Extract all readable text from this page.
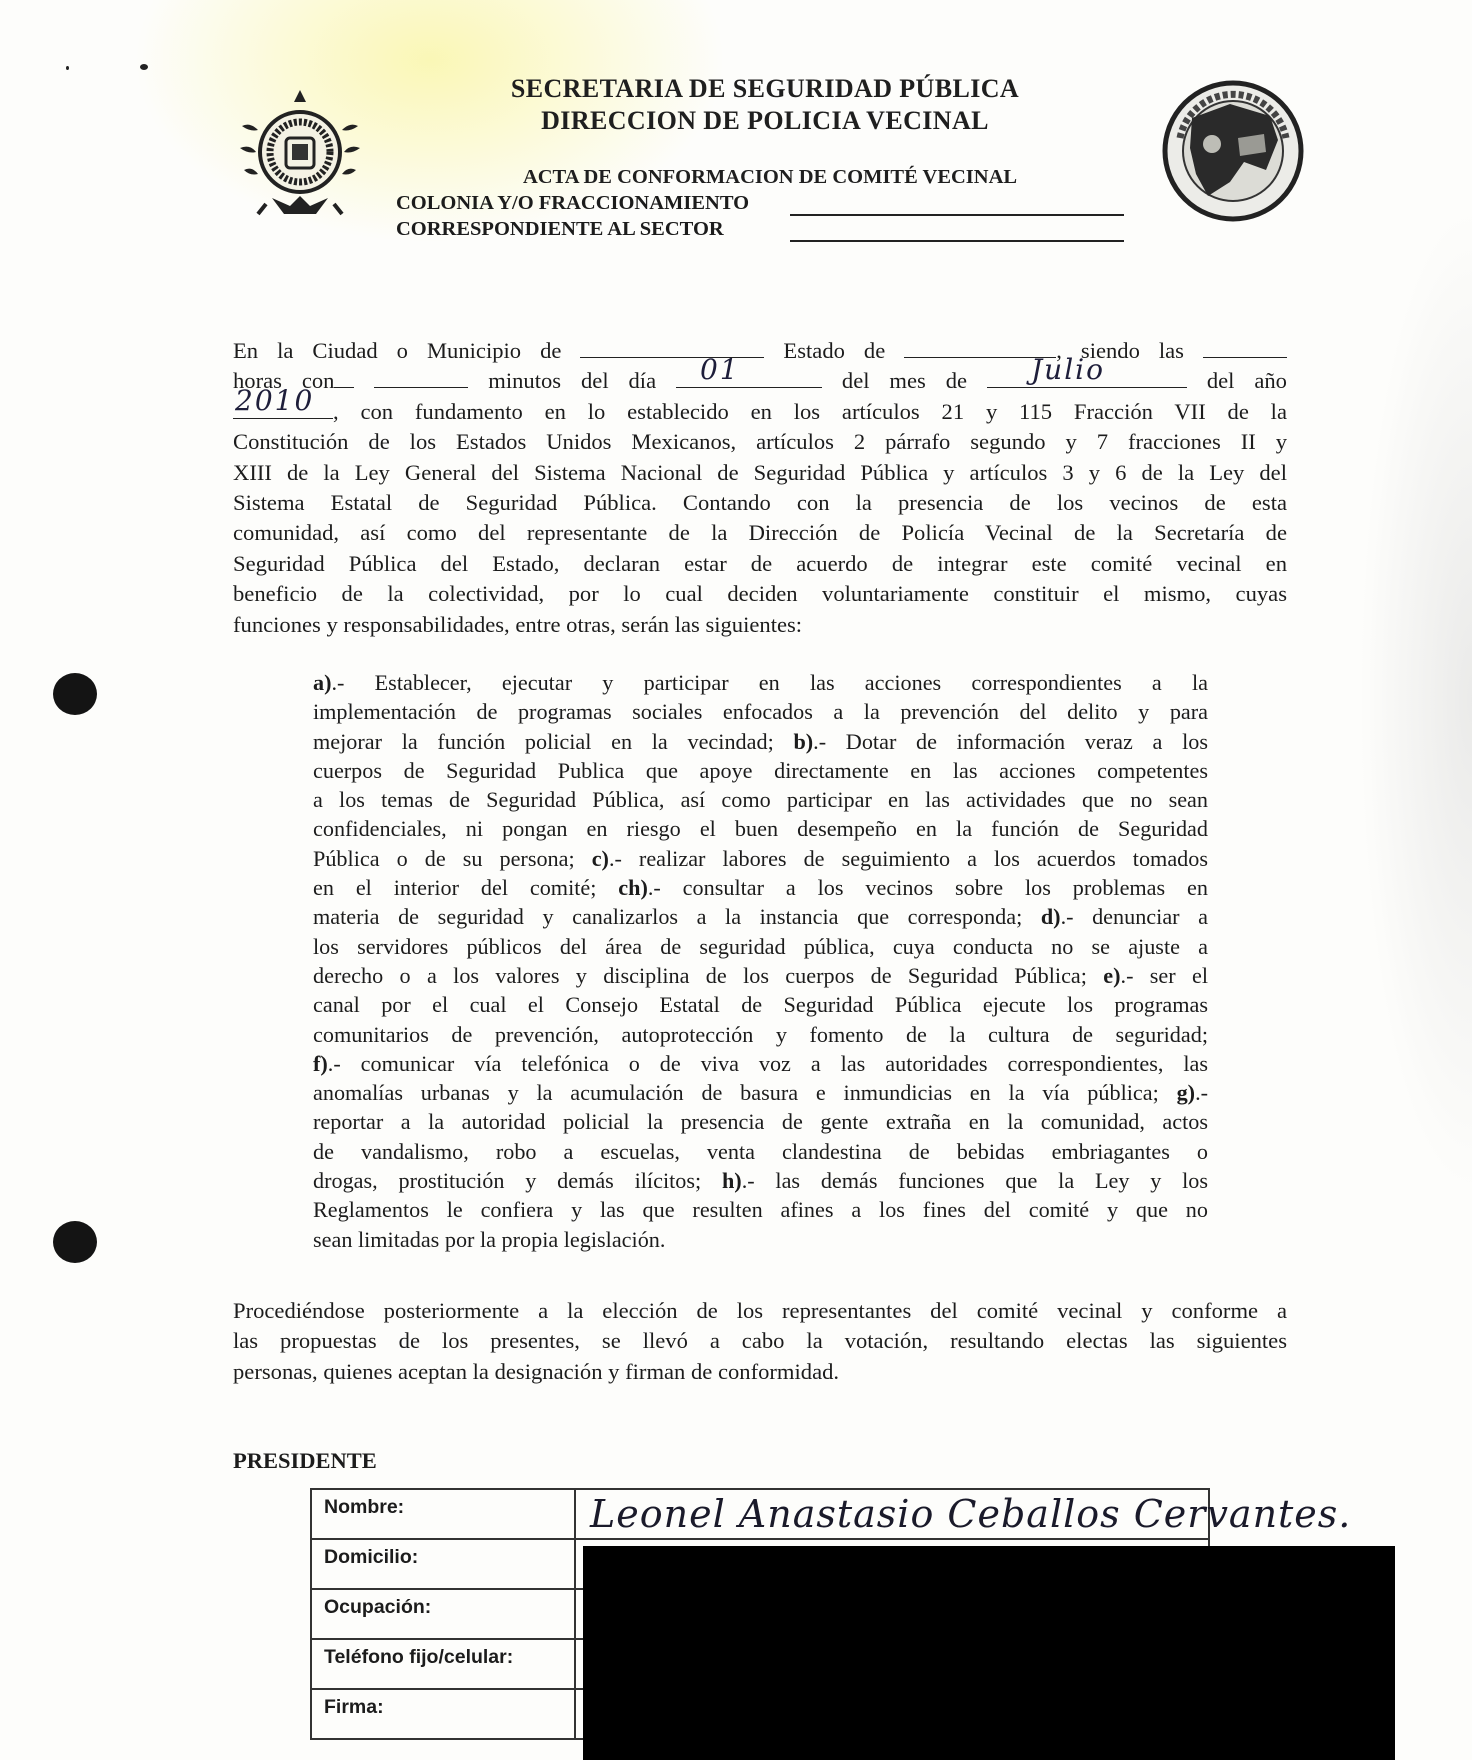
SECRETARIA DE SEGURIDAD PÚBLICA
DIRECCION DE POLICIA VECINAL
ACTA DE CONFORMACION DE COMITÉ VECINAL
COLONIA Y/O FRACCIONAMIENTO
CORRESPONDIENTE AL SECTOR
En la Ciudad o Municipio de	Estado de	, siendo las
horas con	minutos del día 01	del mes de Julio	del año
2010 , con fundamento en lo establecido en los artículos 21 y 115 Fracción VII de la
Constitución de los Estados Unidos Mexicanos, artículos 2 párrafo segundo y 7 fracciones II y
XIII de la Ley General del Sistema Nacional de Seguridad Pública y artículos 3 y 6 de la Ley del
Sistema Estatal de Seguridad Pública. Contando con la presencia de los vecinos de esta
comunidad, así como del representante de la Dirección de Policía Vecinal de la Secretaría de
Seguridad Pública del Estado, declaran estar de acuerdo de integrar este comité vecinal en
beneficio de la colectividad, por lo cual deciden voluntariamente constituir el mismo, cuyas
funciones y responsabilidades, entre otras, serán las siguientes:
a).- Establecer, ejecutar y participar en las acciones correspondientes a la
implementación de programas sociales enfocados a la prevención del delito y para
mejorar la función policial en la vecindad; b).- Dotar de información veraz a los
cuerpos de Seguridad Publica que apoye directamente en las acciones competentes
a los temas de Seguridad Pública, así como participar en las actividades que no sean
confidenciales, ni pongan en riesgo el buen desempeño en la función de Seguridad
Pública o de su persona; c).- realizar labores de seguimiento a los acuerdos tomados
en el interior del comité; ch).- consultar a los vecinos sobre los problemas en
materia de seguridad y canalizarlos a la instancia que corresponda; d).- denunciar a
los servidores públicos del área de seguridad pública, cuya conducta no se ajuste a
derecho o a los valores y disciplina de los cuerpos de Seguridad Pública; e).- ser el
canal por el cual el Consejo Estatal de Seguridad Pública ejecute los programas
comunitarios de prevención, autoprotección y fomento de la cultura de seguridad;
f).- comunicar vía telefónica o de viva voz a las autoridades correspondientes, las
anomalías urbanas y la acumulación de basura e inmundicias en la vía pública; g).-
reportar a la autoridad policial la presencia de gente extraña en la comunidad, actos
de vandalismo, robo a escuelas, venta clandestina de bebidas embriagantes o
drogas, prostitución y demás ilícitos; h).- las demás funciones que la Ley y los
Reglamentos le confiera y las que resulten afines a los fines del comité y que no
sean limitadas por la propia legislación.
Procediéndose posteriormente a la elección de los representantes del comité vecinal y conforme a
las propuestas de los presentes, se llevó a cabo la votación, resultando electas las siguientes
personas, quienes aceptan la designación y firman de conformidad.
PRESIDENTE
Nombre:	Leonel Anastasio Ceballos Cervantes.

Domicilio:	
Ocupación:	
Teléfono fijo/celular:	
Firma:	
